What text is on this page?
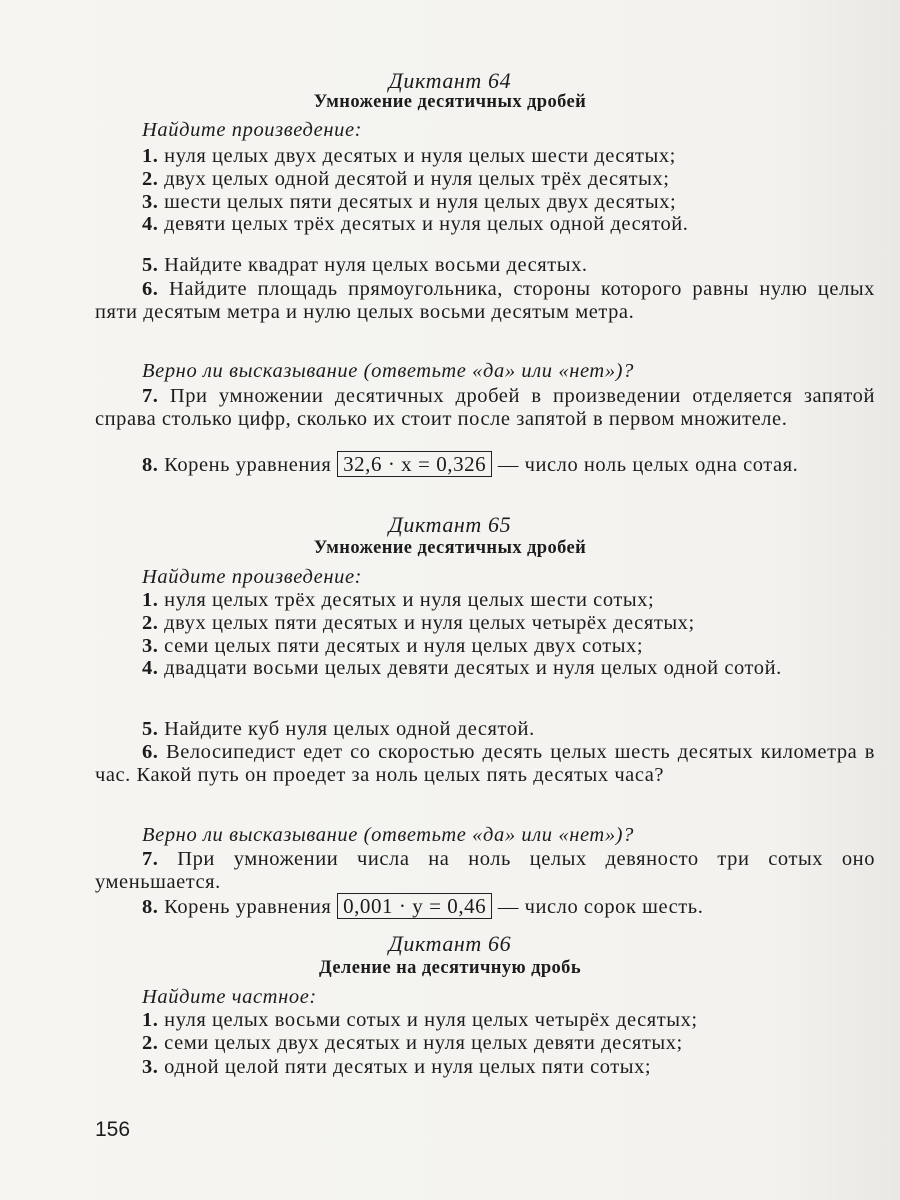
Диктант 64
Умножение десятичных дробей
Найдите произведение:
1. нуля целых двух десятых и нуля целых шести десятых;
2. двух целых одной десятой и нуля целых трёх десятых;
3. шести целых пяти десятых и нуля целых двух десятых;
4. девяти целых трёх десятых и нуля целых одной десятой.
5. Найдите квадрат нуля целых восьми десятых.
6. Найдите площадь прямоугольника, стороны которого равны нулю целых пяти десятым метра и нулю целых восьми десятым метра.
Верно ли высказывание (ответьте «да» или «нет»)?
7. При умножении десятичных дробей в произведении отделяется запятой справа столько цифр, сколько их стоит после запятой в первом множителе.
8. Корень уравнения 32,6 · x = 0,326 — число ноль целых одна сотая.
Диктант 65
Умножение десятичных дробей
Найдите произведение:
1. нуля целых трёх десятых и нуля целых шести сотых;
2. двух целых пяти десятых и нуля целых четырёх десятых;
3. семи целых пяти десятых и нуля целых двух сотых;
4. двадцати восьми целых девяти десятых и нуля целых одной сотой.
5. Найдите куб нуля целых одной десятой.
6. Велосипедист едет со скоростью десять целых шесть десятых километра в час. Какой путь он проедет за ноль целых пять десятых часа?
Верно ли высказывание (ответьте «да» или «нет»)?
7. При умножении числа на ноль целых девяносто три сотых оно уменьшается.
8. Корень уравнения 0,001 · y = 0,46 — число сорок шесть.
Диктант 66
Деление на десятичную дробь
Найдите частное:
1. нуля целых восьми сотых и нуля целых четырёх десятых;
2. семи целых двух десятых и нуля целых девяти десятых;
3. одной целой пяти десятых и нуля целых пяти сотых;
156
